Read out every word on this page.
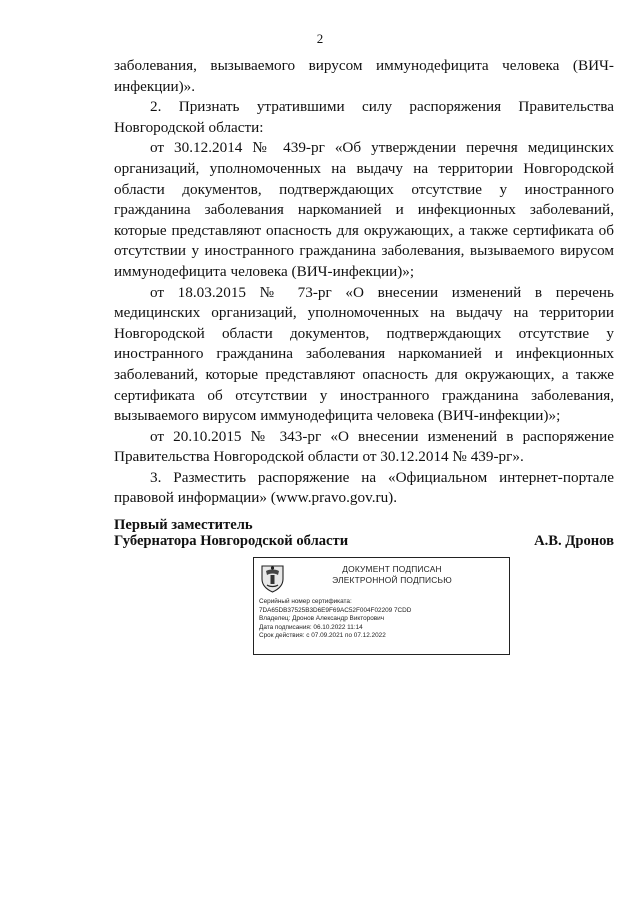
2

заболевания, вызываемого вирусом иммунодефицита человека (ВИЧ-инфекции)».

2. Признать утратившими силу распоряжения Правительства Новгородской области:

от 30.12.2014 № 439-рг «Об утверждении перечня медицинских организаций, уполномоченных на выдачу на территории Новгородской области документов, подтверждающих отсутствие у иностранного гражданина заболевания наркоманией и инфекционных заболеваний, которые представляют опасность для окружающих, а также сертификата об отсутствии у иностранного гражданина заболевания, вызываемого вирусом иммунодефицита человека (ВИЧ-инфекции)»;

от 18.03.2015 № 73-рг «О внесении изменений в перечень медицинских организаций, уполномоченных на выдачу на территории Новгородской области документов, подтверждающих отсутствие у иностранного гражданина заболевания наркоманией и инфекционных заболеваний, которые представляют опасность для окружающих, а также сертификата об отсутствии у иностранного гражданина заболевания, вызываемого вирусом иммунодефицита человека (ВИЧ-инфекции)»;

от 20.10.2015 № 343-рг «О внесении изменений в распоряжение Правительства Новгородской области от 30.12.2014 № 439-рг».

3. Разместить распоряжение на «Официальном интернет-портале правовой информации» (www.pravo.gov.ru).

Первый заместитель
Губернатора Новгородской области	А.В. Дронов
ДОКУМЕНТ ПОДПИСАН
ЭЛЕКТРОННОЙ ПОДПИСЬЮ
Серийный номер сертификата:
7DA65DB37525B3D6E9F69AC52F004F02209 7CDD
Владелец: Дронов Александр Викторович
Дата подписания: 06.10.2022 11:14
Срок действия: с 07.09.2021 по 07.12.2022
